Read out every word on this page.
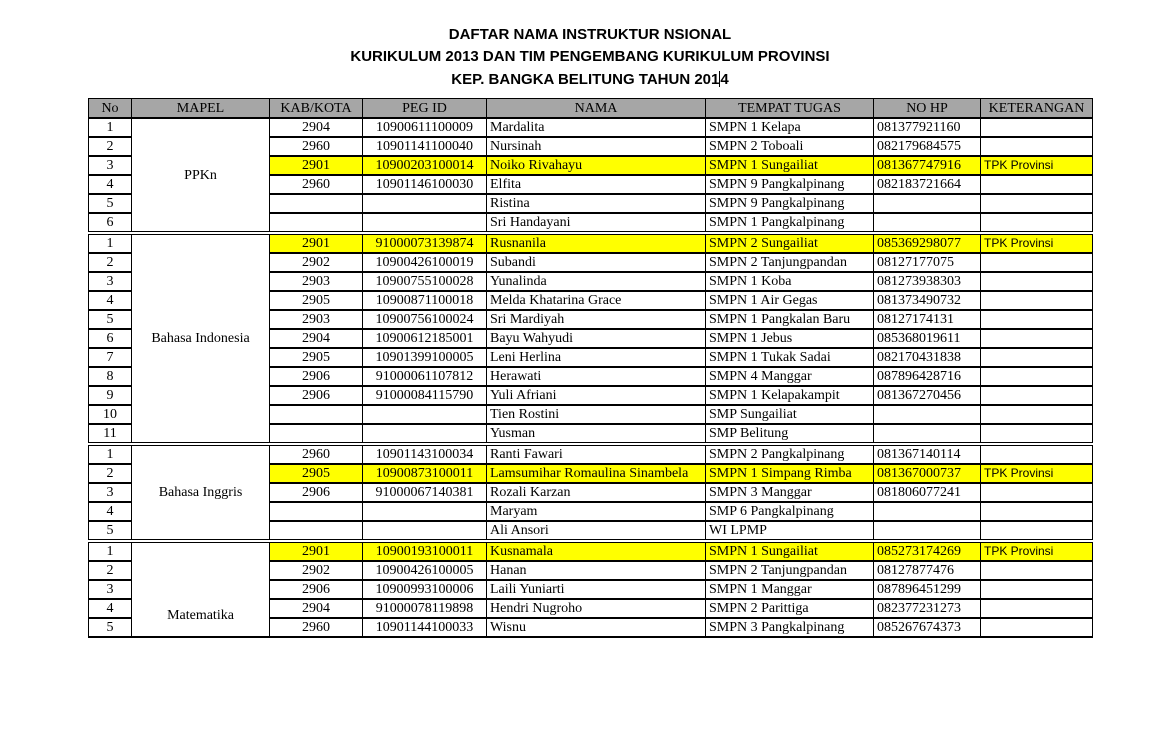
DAFTAR NAMA INSTRUKTUR NSIONAL
KURIKULUM 2013 DAN TIM PENGEMBANG KURIKULUM PROVINSI
KEP. BANGKA BELITUNG TAHUN 2014
No	MAPEL	KAB/KOTA	PEG ID	NAMA	TEMPAT TUGAS	NO HP	KETERANGAN
1	PPKn	2904	10900611100009	Mardalita	SMPN 1 Kelapa	081377921160	
2		2960	10901141100040	Nursinah	SMPN 2 Toboali	082179684575	
3		2901	10900203100014	Noiko Rivahayu	SMPN 1 Sungailiat	081367747916	TPK Provinsi
4		2960	10901146100030	Elfita	SMPN 9 Pangkalpinang	082183721664	
5				Ristina	SMPN 9 Pangkalpinang		
6				Sri Handayani	SMPN 1 Pangkalpinang		
1	Bahasa Indonesia	2901	91000073139874	Rusnanila	SMPN 2 Sungailiat	085369298077	TPK Provinsi
2		2902	10900426100019	Subandi	SMPN 2 Tanjungpandan	08127177075	
3		2903	10900755100028	Yunalinda	SMPN 1 Koba	081273938303	
4		2905	10900871100018	Melda Khatarina Grace	SMPN 1 Air Gegas	081373490732	
5		2903	10900756100024	Sri Mardiyah	SMPN 1 Pangkalan Baru	08127174131	
6		2904	10900612185001	Bayu Wahyudi	SMPN 1 Jebus	085368019611	
7		2905	10901399100005	Leni Herlina	SMPN 1 Tukak Sadai	082170431838	
8		2906	91000061107812	Herawati	SMPN 4 Manggar	087896428716	
9		2906	91000084115790	Yuli Afriani	SMPN 1 Kelapakampit	081367270456	
10				Tien Rostini	SMP Sungailiat		
11				Yusman	SMP Belitung		
1	Bahasa Inggris	2960	10901143100034	Ranti Fawari	SMPN 2 Pangkalpinang	081367140114	
2		2905	10900873100011	Lamsumihar Romaulina Sinambela	SMPN 1 Simpang Rimba	081367000737	TPK Provinsi
3		2906	91000067140381	Rozali Karzan	SMPN 3 Manggar	081806077241	
4				Maryam	SMP 6 Pangkalpinang		
5				Ali Ansori	WI LPMP		
1	Matematika	2901	10900193100011	Kusnamala	SMPN 1 Sungailiat	085273174269	TPK Provinsi
2		2902	10900426100005	Hanan	SMPN 2 Tanjungpandan	08127877476	
3		2906	10900993100006	Laili Yuniarti	SMPN 1 Manggar	087896451299	
4		2904	91000078119898	Hendri Nugroho	SMPN 2 Parittiga	082377231273	
5		2960	10901144100033	Wisnu	SMPN 3 Pangkalpinang	085267674373	
